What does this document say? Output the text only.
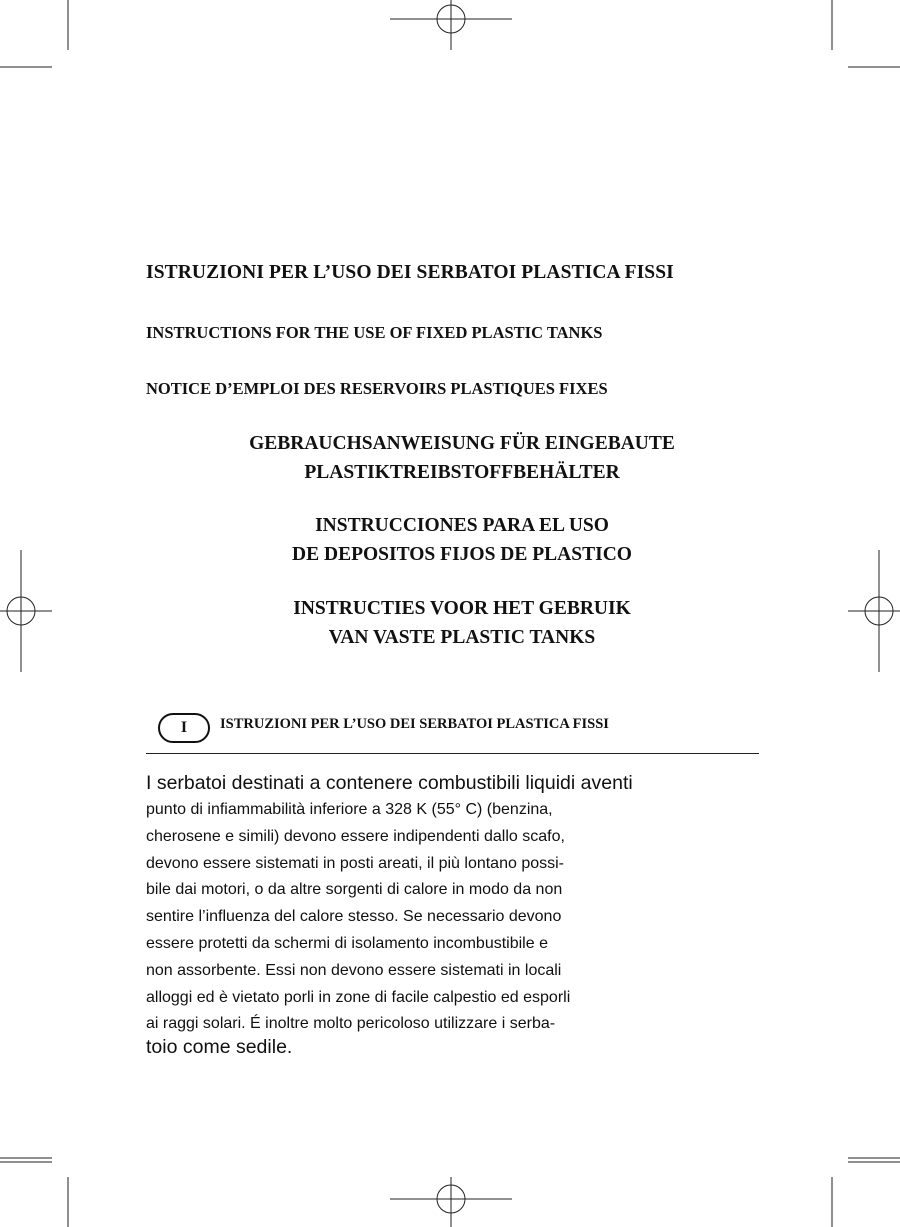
ISTRUZIONI PER L’USO DEI SERBATOI PLASTICA FISSI
INSTRUCTIONS FOR THE USE OF FIXED PLASTIC TANKS
NOTICE D’EMPLOI DES RESERVOIRS PLASTIQUES FIXES
GEBRAUCHSANWEISUNG FÜR EINGEBAUTE
PLASTIKTREIBSTOFFBEHÄLTER
INSTRUCCIONES PARA EL USO
DE DEPOSITOS FIJOS DE PLASTICO
INSTRUCTIES VOOR HET GEBRUIK
VAN VASTE PLASTIC TANKS
I	ISTRUZIONI PER L’USO DEI SERBATOI PLASTICA FISSI
I serbatoi destinati a contenere combustibili liquidi aventi
punto di infiammabilità inferiore a 328 K (55° C) (benzina,
cherosene e simili) devono essere indipendenti dallo scafo,
devono essere sistemati in posti areati, il più lontano possi-
bile dai motori, o da altre sorgenti di calore in modo da non
sentire l’influenza del calore stesso. Se necessario devono
essere protetti da schermi di isolamento incombustibile e
non assorbente. Essi non devono essere sistemati in locali
alloggi ed è vietato porli in zone di facile calpestio ed esporli
ai raggi solari. É inoltre molto pericoloso utilizzare i serba-
toio come sedile.
